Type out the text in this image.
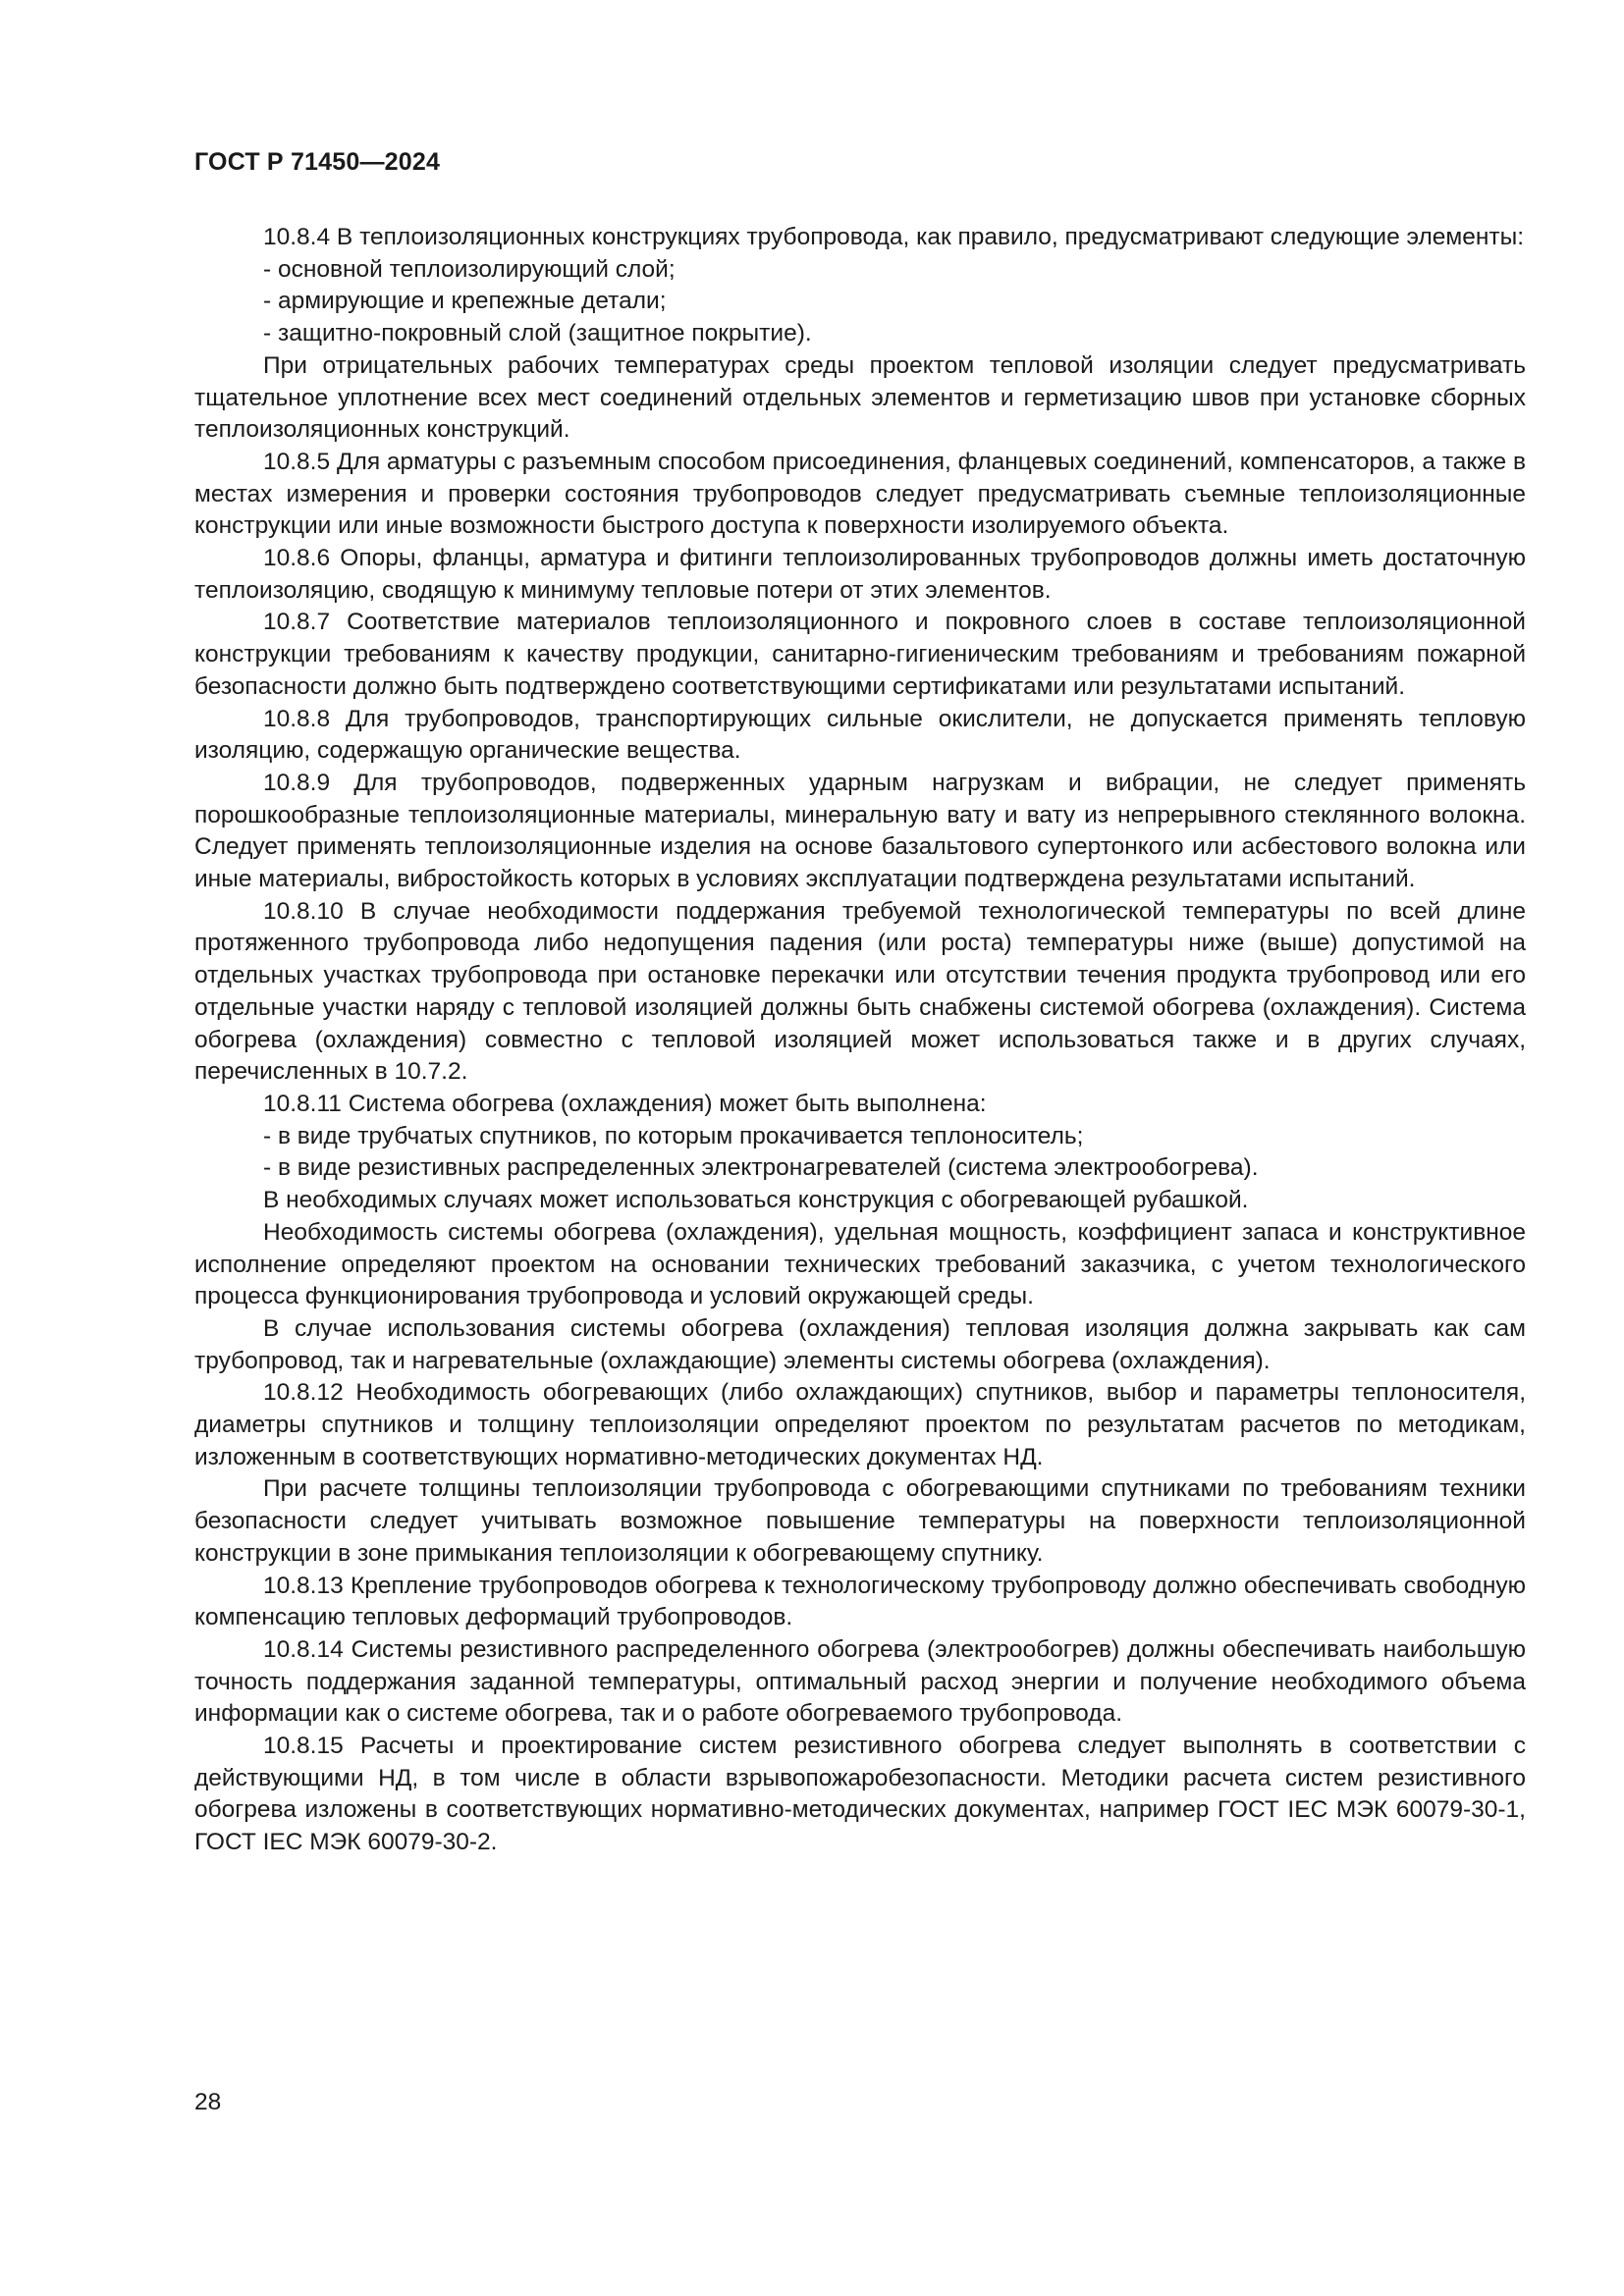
ГОСТ Р 71450—2024

10.8.4 В теплоизоляционных конструкциях трубопровода, как правило, предусматривают следующие элементы:

- основной теплоизолирующий слой;

- армирующие и крепежные детали;

- защитно-покровный слой (защитное покрытие).

При отрицательных рабочих температурах среды проектом тепловой изоляции следует предусматривать тщательное уплотнение всех мест соединений отдельных элементов и герметизацию швов при установке сборных теплоизоляционных конструкций.

10.8.5 Для арматуры с разъемным способом присоединения, фланцевых соединений, компенсаторов, а также в местах измерения и проверки состояния трубопроводов следует предусматривать съемные теплоизоляционные конструкции или иные возможности быстрого доступа к поверхности изолируемого объекта.

10.8.6 Опоры, фланцы, арматура и фитинги теплоизолированных трубопроводов должны иметь достаточную теплоизоляцию, сводящую к минимуму тепловые потери от этих элементов.

10.8.7 Соответствие материалов теплоизоляционного и покровного слоев в составе теплоизоляционной конструкции требованиям к качеству продукции, санитарно-гигиеническим требованиям и требованиям пожарной безопасности должно быть подтверждено соответствующими сертификатами или результатами испытаний.

10.8.8 Для трубопроводов, транспортирующих сильные окислители, не допускается применять тепловую изоляцию, содержащую органические вещества.

10.8.9 Для трубопроводов, подверженных ударным нагрузкам и вибрации, не следует применять порошкообразные теплоизоляционные материалы, минеральную вату и вату из непрерывного стеклянного волокна. Следует применять теплоизоляционные изделия на основе базальтового супертонкого или асбестового волокна или иные материалы, вибростойкость которых в условиях эксплуатации подтверждена результатами испытаний.

10.8.10 В случае необходимости поддержания требуемой технологической температуры по всей длине протяженного трубопровода либо недопущения падения (или роста) температуры ниже (выше) допустимой на отдельных участках трубопровода при остановке перекачки или отсутствии течения продукта трубопровод или его отдельные участки наряду с тепловой изоляцией должны быть снабжены системой обогрева (охлаждения). Система обогрева (охлаждения) совместно с тепловой изоляцией может использоваться также и в других случаях, перечисленных в 10.7.2.

10.8.11 Система обогрева (охлаждения) может быть выполнена:

- в виде трубчатых спутников, по которым прокачивается теплоноситель;

- в виде резистивных распределенных электронагревателей (система электрообогрева).

В необходимых случаях может использоваться конструкция с обогревающей рубашкой.

Необходимость системы обогрева (охлаждения), удельная мощность, коэффициент запаса и конструктивное исполнение определяют проектом на основании технических требований заказчика, с учетом технологического процесса функционирования трубопровода и условий окружающей среды.

В случае использования системы обогрева (охлаждения) тепловая изоляция должна закрывать как сам трубопровод, так и нагревательные (охлаждающие) элементы системы обогрева (охлаждения).

10.8.12 Необходимость обогревающих (либо охлаждающих) спутников, выбор и параметры теплоносителя, диаметры спутников и толщину теплоизоляции определяют проектом по результатам расчетов по методикам, изложенным в соответствующих нормативно-методических документах НД.

При расчете толщины теплоизоляции трубопровода с обогревающими спутниками по требованиям техники безопасности следует учитывать возможное повышение температуры на поверхности теплоизоляционной конструкции в зоне примыкания теплоизоляции к обогревающему спутнику.

10.8.13 Крепление трубопроводов обогрева к технологическому трубопроводу должно обеспечивать свободную компенсацию тепловых деформаций трубопроводов.

10.8.14 Системы резистивного распределенного обогрева (электрообогрев) должны обеспечивать наибольшую точность поддержания заданной температуры, оптимальный расход энергии и получение необходимого объема информации как о системе обогрева, так и о работе обогреваемого трубопровода.

10.8.15 Расчеты и проектирование систем резистивного обогрева следует выполнять в соответствии с действующими НД, в том числе в области взрывопожаробезопасности. Методики расчета систем резистивного обогрева изложены в соответствующих нормативно-методических документах, например ГОСТ IEC МЭК 60079-30-1, ГОСТ IEC МЭК 60079-30-2.

28
